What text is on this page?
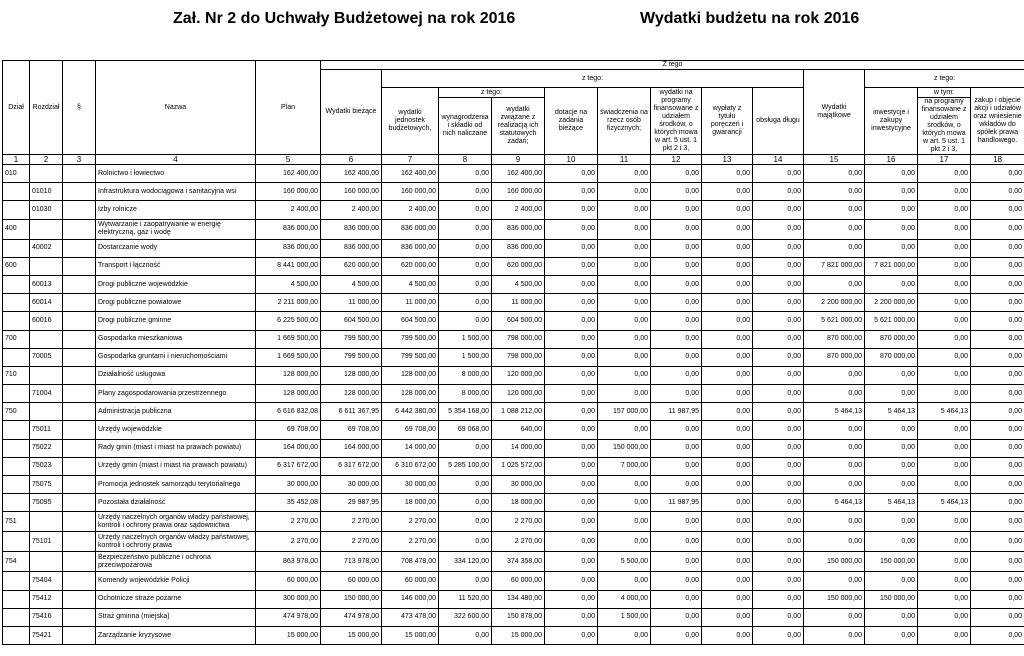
Zał. Nr 2 do Uchwały Budżetowej na rok 2016	Wydatki budżetu na rok 2016
Dział	Rozdział	§	Nazwa	Plan	Z tego												
					Wydatki bieżące	z tego:								Wydatki majątkowe	z tego:		
						wydatki jednostek budżetowych,	z tego:		dotacje na zadania bieżące	świadczenia na rzecz osób fizycznych;	wydatki na programy finansowane z udziałem środków, o których mowa w art. 5 ust. 1 pkt 2 i 3,	wypłaty z tytułu poręczeń i gwarancji	obsługa długu		inwestycje i zakupy inwestycyjne	w tym:	zakup i objęcie akcji i udziałów oraz wniesienie wkładów do spółek prawa handlowego.
							wynagrodzenia i składki od nich naliczane	wydatki związane z realizacją ich statutowych zadań;								na programy finansowane z udziałem środków, o których mowa w art. 5 ust. 1 pkt 2 i 3,	
1	2	3	4	5	6	7	8	9	10	11	12	13	14	15	16	17	18
010			Rolnictwo i łowiectwo	162 400,00	162 400,00	162 400,00	0,00	162 400,00	0,00	0,00	0,00	0,00	0,00	0,00	0,00	0,00	0,00
	01010		Infrastruktura wodociągowa i sanitacyjna wsi	160 000,00	160 000,00	160 000,00	0,00	160 000,00	0,00	0,00	0,00	0,00	0,00	0,00	0,00	0,00	0,00
	01030		Izby rolnicze	2 400,00	2 400,00	2 400,00	0,00	2 400,00	0,00	0,00	0,00	0,00	0,00	0,00	0,00	0,00	0,00
400			Wytwarzanie i zaopatrywanie w energię elektryczną, gaz i wodę	836 000,00	836 000,00	836 000,00	0,00	836 000,00	0,00	0,00	0,00	0,00	0,00	0,00	0,00	0,00	0,00
	40002		Dostarczanie wody	836 000,00	836 000,00	836 000,00	0,00	836 000,00	0,00	0,00	0,00	0,00	0,00	0,00	0,00	0,00	0,00
600			Transport i łączność	8 441 000,00	620 000,00	620 000,00	0,00	620 000,00	0,00	0,00	0,00	0,00	0,00	7 821 000,00	7 821 000,00	0,00	0,00
	60013		Drogi publiczne wojewódzkie	4 500,00	4 500,00	4 500,00	0,00	4 500,00	0,00	0,00	0,00	0,00	0,00	0,00	0,00	0,00	0,00
	60014		Drogi publiczne powiatowe	2 211 000,00	11 000,00	11 000,00	0,00	11 000,00	0,00	0,00	0,00	0,00	0,00	2 200 000,00	2 200 000,00	0,00	0,00
	60016		Drogi publiczne gminne	6 225 500,00	604 500,00	604 500,00	0,00	604 500,00	0,00	0,00	0,00	0,00	0,00	5 621 000,00	5 621 000,00	0,00	0,00
700			Gospodarka mieszkaniowa	1 669 500,00	799 500,00	799 500,00	1 500,00	798 000,00	0,00	0,00	0,00	0,00	0,00	870 000,00	870 000,00	0,00	0,00
	70005		Gospodarka gruntami i nieruchomościami	1 669 500,00	799 500,00	799 500,00	1 500,00	798 000,00	0,00	0,00	0,00	0,00	0,00	870 000,00	870 000,00	0,00	0,00
710			Działalność usługowa	128 000,00	128 000,00	128 000,00	8 000,00	120 000,00	0,00	0,00	0,00	0,00	0,00	0,00	0,00	0,00	0,00
	71004		Plany zagospodarowania przestrzennego	128 000,00	128 000,00	128 000,00	8 000,00	120 000,00	0,00	0,00	0,00	0,00	0,00	0,00	0,00	0,00	0,00
750			Administracja publiczna	6 616 832,08	6 611 367,95	6 442 380,00	5 354 168,00	1 088 212,00	0,00	157 000,00	11 987,95	0,00	0,00	5 464,13	5 464,13	5 464,13	0,00
	75011		Urzędy wojewódzkie	69 708,00	69 708,00	69 708,00	69 068,00	640,00	0,00	0,00	0,00	0,00	0,00	0,00	0,00	0,00	0,00
	75022		Rady gmin (miast i miast na prawach powiatu)	164 000,00	164 000,00	14 000,00	0,00	14 000,00	0,00	150 000,00	0,00	0,00	0,00	0,00	0,00	0,00	0,00
	75023		Urzędy gmin (miast i miast na prawach powiatu)	6 317 672,00	6 317 672,00	6 310 672,00	5 285 100,00	1 025 572,00	0,00	7 000,00	0,00	0,00	0,00	0,00	0,00	0,00	0,00
	75075		Promocja jednostek samorządu terytorialnego	30 000,00	30 000,00	30 000,00	0,00	30 000,00	0,00	0,00	0,00	0,00	0,00	0,00	0,00	0,00	0,00
	75095		Pozostała działalność	35 452,08	29 987,95	18 000,00	0,00	18 000,00	0,00	0,00	11 987,95	0,00	0,00	5 464,13	5 464,13	5 464,13	0,00
751			Urzędy naczelnych organów władzy państwowej, kontroli i ochrony prawa oraz sądownictwa	2 270,00	2 270,00	2 270,00	0,00	2 270,00	0,00	0,00	0,00	0,00	0,00	0,00	0,00	0,00	0,00
	75101		Urzędy naczelnych organów władzy państwowej, kontroli i ochrony prawa	2 270,00	2 270,00	2 270,00	0,00	2 270,00	0,00	0,00	0,00	0,00	0,00	0,00	0,00	0,00	0,00
754			Bezpieczeństwo publiczne i ochrona przeciwpożarowa	863 978,00	713 978,00	708 478,00	334 120,00	374 358,00	0,00	5 500,00	0,00	0,00	0,00	150 000,00	150 000,00	0,00	0,00
	75404		Komendy wojewódzkie Policji	60 000,00	60 000,00	60 000,00	0,00	60 000,00	0,00	0,00	0,00	0,00	0,00	0,00	0,00	0,00	0,00
	75412		Ochotnicze straże pożarne	300 000,00	150 000,00	146 000,00	11 520,00	134 480,00	0,00	4 000,00	0,00	0,00	0,00	150 000,00	150 000,00	0,00	0,00
	75416		Straż gminna (miejska)	474 978,00	474 978,00	473 478,00	322 600,00	150 878,00	0,00	1 500,00	0,00	0,00	0,00	0,00	0,00	0,00	0,00
	75421		Zarządzanie kryzysowe	15 000,00	15 000,00	15 000,00	0,00	15 000,00	0,00	0,00	0,00	0,00	0,00	0,00	0,00	0,00	0,00
